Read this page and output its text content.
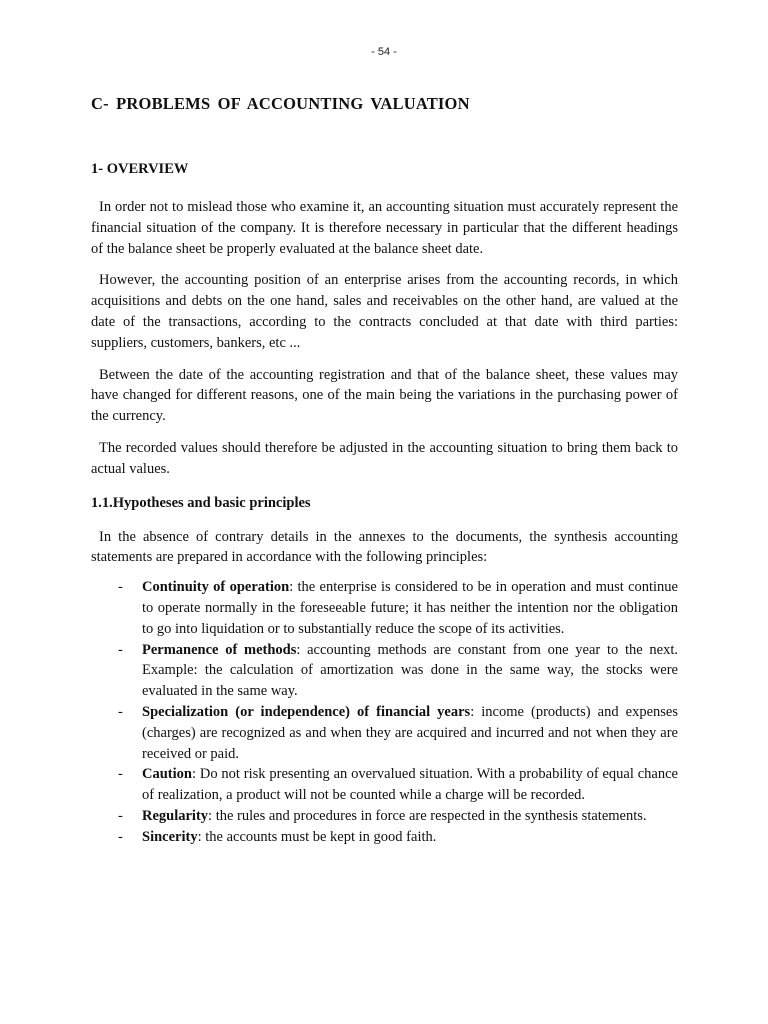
- 54 -
C- PROBLEMS OF ACCOUNTING VALUATION
1- OVERVIEW

In order not to mislead those who examine it, an accounting situation must accurately represent the financial situation of the company. It is therefore necessary in particular that the different headings of the balance sheet be properly evaluated at the balance sheet date.

However, the accounting position of an enterprise arises from the accounting records, in which acquisitions and debts on the one hand, sales and receivables on the other hand, are valued at the date of the transactions, according to the contracts concluded at that date with third parties: suppliers, customers, bankers, etc ...

Between the date of the accounting registration and that of the balance sheet, these values may have changed for different reasons, one of the main being the variations in the purchasing power of the currency.

The recorded values should therefore be adjusted in the accounting situation to bring them back to actual values.

1.1.Hypotheses and basic principles

In the absence of contrary details in the annexes to the documents, the synthesis accounting statements are prepared in accordance with the following principles:

- Continuity of operation: the enterprise is considered to be in operation and must continue to operate normally in the foreseeable future; it has neither the intention nor the obligation to go into liquidation or to substantially reduce the scope of its activities.
- Permanence of methods: accounting methods are constant from one year to the next. Example: the calculation of amortization was done in the same way, the stocks were evaluated in the same way.
- Specialization (or independence) of financial years: income (products) and expenses (charges) are recognized as and when they are acquired and incurred and not when they are received or paid.
- Caution: Do not risk presenting an overvalued situation. With a probability of equal chance of realization, a product will not be counted while a charge will be recorded.
- Regularity: the rules and procedures in force are respected in the synthesis statements.
- Sincerity: the accounts must be kept in good faith.
